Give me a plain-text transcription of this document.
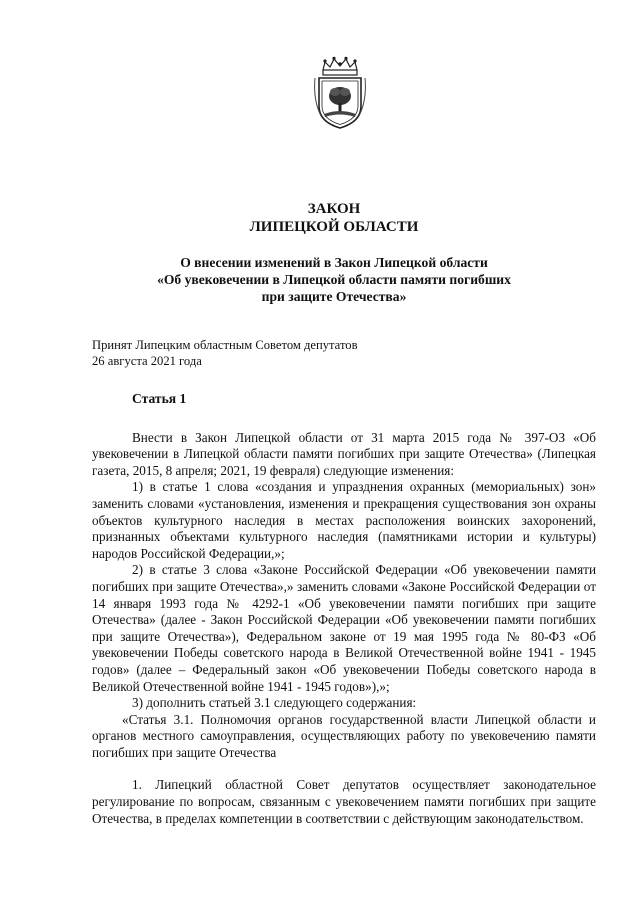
ЗАКОН
ЛИПЕЦКОЙ ОБЛАСТИ
О внесении изменений в Закон Липецкой области
«Об увековечении в Липецкой области памяти погибших
при защите Отечества»
Принят Липецким областным Советом депутатов
26 августа 2021 года
Статья 1

Внести в Закон Липецкой области от 31 марта 2015 года № 397-ОЗ «Об увековечении в Липецкой области памяти погибших при защите Отечества» (Липецкая газета, 2015, 8 апреля; 2021, 19 февраля) следующие изменения:

1) в статье 1 слова «создания и упразднения охранных (мемориальных) зон» заменить словами «установления, изменения и прекращения существования зон охраны объектов культурного наследия в местах расположения воинских захоронений, признанных объектами культурного наследия (памятниками истории и культуры) народов Российской Федерации,»;

2) в статье 3 слова «Законе Российской Федерации «Об увековечении памяти погибших при защите Отечества»,» заменить словами «Законе Российской Федерации от 14 января 1993 года № 4292-1 «Об увековечении памяти погибших при защите Отечества» (далее - Закон Российской Федерации «Об увековечении памяти погибших при защите Отечества»), Федеральном законе от 19 мая 1995 года № 80-ФЗ «Об увековечении Победы советского народа в Великой Отечественной войне 1941 - 1945 годов» (далее – Федеральный закон «Об увековечении Победы советского народа в Великой Отечественной войне 1941 - 1945 годов»),»;

3) дополнить статьей 3.1 следующего содержания:

«Статья 3.1. Полномочия органов государственной власти Липецкой области и органов местного самоуправления, осуществляющих работу по увековечению памяти погибших при защите Отечества

1. Липецкий областной Совет депутатов осуществляет законодательное регулирование по вопросам, связанным с увековечением памяти погибших при защите Отечества, в пределах компетенции в соответствии с действующим законодательством.
